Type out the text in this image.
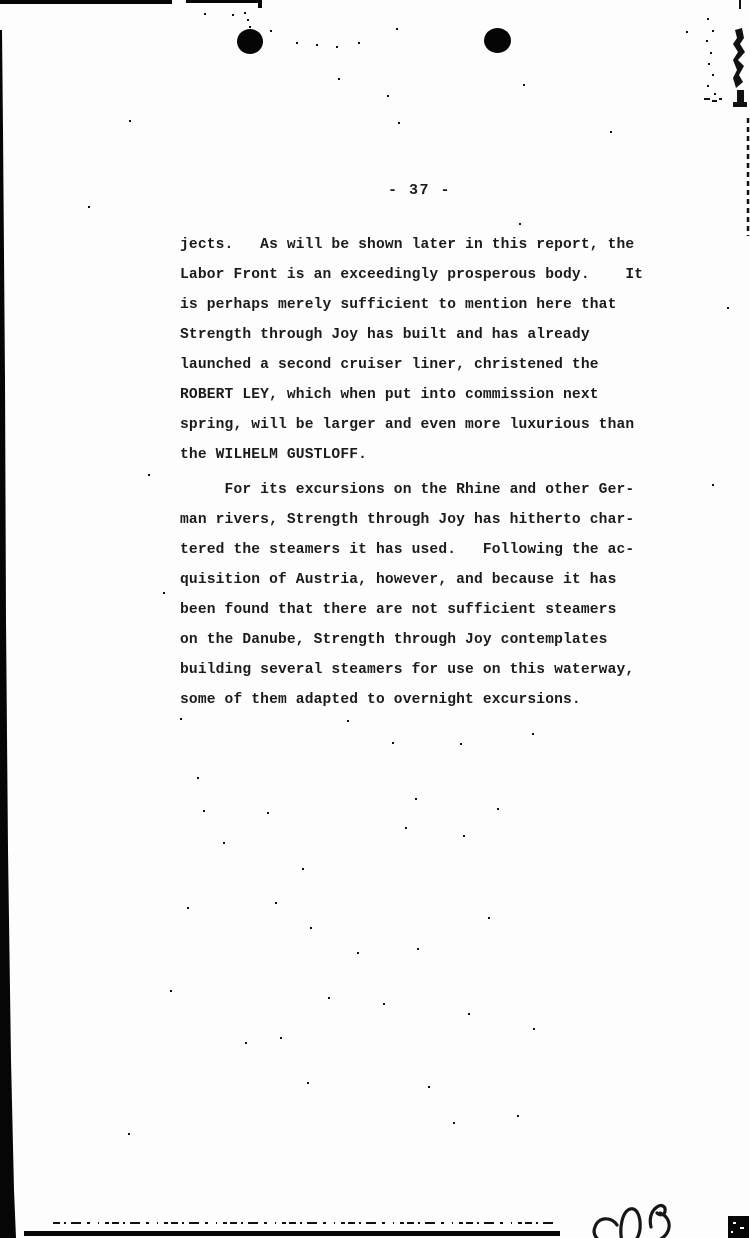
- 37 -
jects.   As will be shown later in this report, the
Labor Front is an exceedingly prosperous body.    It
is perhaps merely sufficient to mention here that
Strength through Joy has built and has already
launched a second cruiser liner, christened the
ROBERT LEY, which when put into commission next
spring, will be larger and even more luxurious than
the WILHELM GUSTLOFF.
For its excursions on the Rhine and other Ger-
man rivers, Strength through Joy has hitherto char-
tered the steamers it has used.   Following the ac-
quisition of Austria, however, and because it has
been found that there are not sufficient steamers
on the Danube, Strength through Joy contemplates
building several steamers for use on this waterway,
some of them adapted to overnight excursions.
